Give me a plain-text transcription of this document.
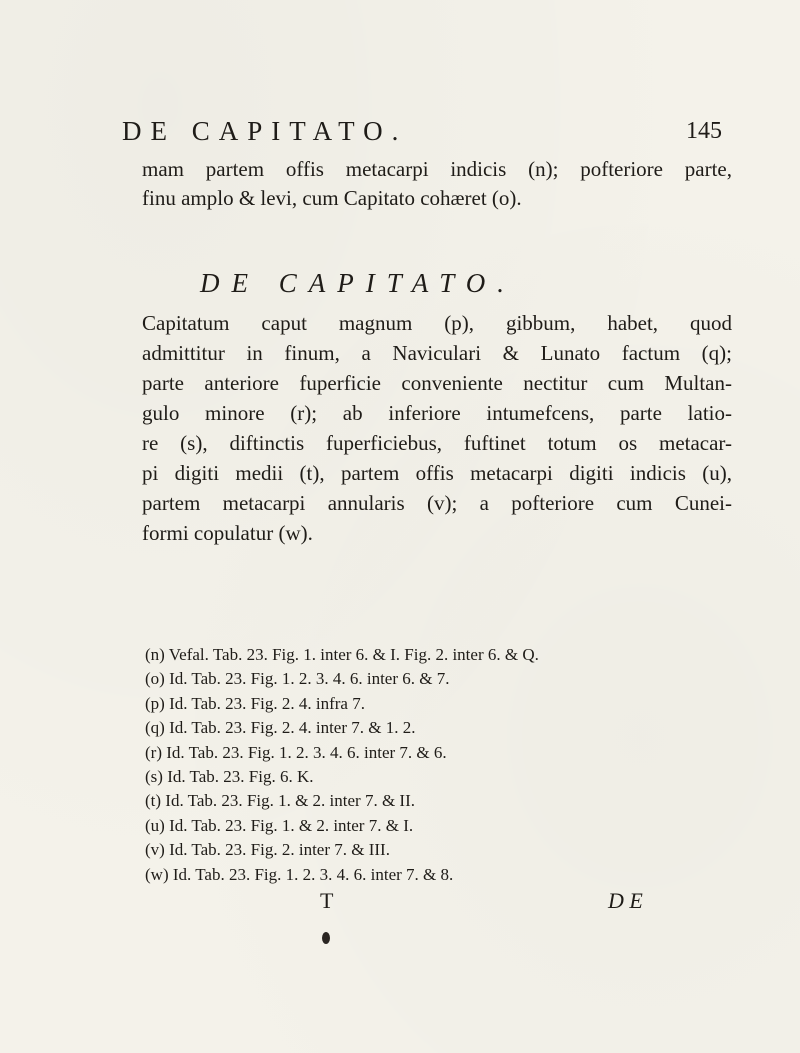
DE CAPITATO.	145
mam partem offis metacarpi indicis (n); pofteriore parte,
finu amplo & levi, cum Capitato cohæret (o).
DE CAPITATO.
Capitatum caput magnum (p), gibbum, habet, quod
admittitur in finum, a Naviculari & Lunato factum (q);
parte anteriore fuperficie conveniente nectitur cum Multan-
gulo minore (r); ab inferiore intumefcens, parte latio-
re (s), diftinctis fuperficiebus, fuftinet totum os metacar-
pi digiti medii (t), partem offis metacarpi digiti indicis (u),
partem metacarpi annularis (v); a pofteriore cum Cunei-
formi copulatur (w).
(n) Vefal. Tab. 23. Fig. 1. inter 6. & I. Fig. 2. inter 6. & Q.
(o) Id. Tab. 23. Fig. 1. 2. 3. 4. 6. inter 6. & 7.
(p) Id. Tab. 23. Fig. 2. 4. infra 7.
(q) Id. Tab. 23. Fig. 2. 4. inter 7. & 1. 2.
(r) Id. Tab. 23. Fig. 1. 2. 3. 4. 6. inter 7. & 6.
(s) Id. Tab. 23. Fig. 6. K.
(t) Id. Tab. 23. Fig. 1. & 2. inter 7. & II.
(u) Id. Tab. 23. Fig. 1. & 2. inter 7. & I.
(v) Id. Tab. 23. Fig. 2. inter 7. & III.
(w) Id. Tab. 23. Fig. 1. 2. 3. 4. 6. inter 7. & 8.
T	D E
